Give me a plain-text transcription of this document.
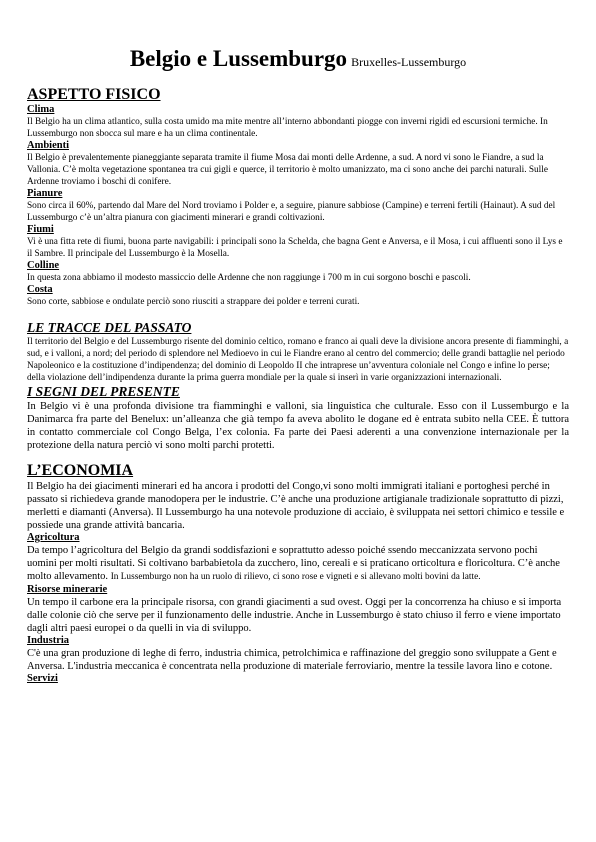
Belgio e Lussemburgo Bruxelles-Lussemburgo
ASPETTO FISICO
Clima

Il Belgio ha un clima atlantico, sulla costa umido ma mite mentre all’interno abbondanti piogge con inverni rigidi ed escursioni termiche. In Lussemburgo non sbocca sul mare e ha un clima continentale.

Ambienti

Il Belgio è prevalentemente pianeggiante separata tramite il fiume Mosa dai monti delle Ardenne, a sud. A nord vi sono le Fiandre, a sud la Vallonia. C’è molta vegetazione spontanea tra cui gigli e querce, il territorio è molto umanizzato, ma ci sono anche dei parchi naturali. Sulle Ardenne troviamo i boschi di conifere.

Pianure

Sono circa il 60%, partendo dal Mare del Nord troviamo i Polder e, a seguire, pianure sabbiose (Campine) e terreni fertili (Hainaut). A sud del Lussemburgo c’è un’altra pianura con giacimenti minerari e grandi coltivazioni.

Fiumi

Vi è una fitta rete di fiumi, buona parte navigabili: i principali sono la Schelda, che bagna Gent e Anversa, e il Mosa, i cui affluenti sono il Lys e il Sambre. Il principale del Lussemburgo è la Mosella.

Colline

In questa zona abbiamo il modesto massiccio delle Ardenne che non raggiunge i 700 m in cui sorgono boschi e pascoli.

Costa

Sono corte, sabbiose e ondulate perciò sono riusciti a strappare dei polder e terreni curati.

LE TRACCE DEL PASSATO

Il territorio del Belgio e del Lussemburgo risente del dominio celtico, romano e franco ai quali deve la divisione ancora presente di fiamminghi, a sud, e i valloni, a nord; del periodo di splendore nel Medioevo in cui le Fiandre erano al centro del commercio; delle grandi battaglie nel periodo Napoleonico e la costituzione d’indipendenza; del dominio di Leopoldo II che intraprese un’avventura coloniale nel Congo e infine lo perse; della violazione dell’indipendenza durante la prima guerra mondiale per la quale si inserì in varie organizzazioni internazionali.

I SEGNI DEL PRESENTE

In Belgio vi è una profonda divisione tra fiamminghi e valloni, sia linguistica che culturale. Esso con il Lussemburgo e la Danimarca fra parte del Benelux: un’alleanza che già tempo fa aveva abolito le dogane ed è entrata subito nella CEE. È tuttora in contatto commerciale col Congo Belga, l’ex colonia. Fa parte dei Paesi aderenti a una convenzione internazionale per la protezione della natura perciò vi sono molti parchi protetti.

L’ECONOMIA

Il Belgio ha dei giacimenti minerari ed ha ancora i prodotti del Congo,vi sono molti immigrati italiani e portoghesi perché in passato si richiedeva grande manodopera per le industrie. C’è anche una produzione artigianale tradizionale soprattutto di pizzi, merletti e diamanti (Anversa). Il Lussemburgo ha una notevole produzione di acciaio, è sviluppata nei settori chimico e tessile e possiede una grande attività bancaria.

Agricoltura

Da tempo l’agricoltura del Belgio da grandi soddisfazioni e soprattutto adesso poiché ssendo meccanizzata servono pochi uomini per molti risultati. Si coltivano barbabietola da zucchero, lino, cereali e si praticano orticoltura e floricoltura. C’è anche molto allevamento. In Lussemburgo non ha un ruolo di rilievo, ci sono rose e vigneti e si allevano molti bovini da latte.

Risorse minerarie

Un tempo il carbone era la principale risorsa, con grandi giacimenti a sud ovest. Oggi per la concorrenza ha chiuso e si importa dalle colonie ciò che serve per il funzionamento delle industrie. Anche in Lussemburgo è stato chiuso il ferro e viene importato dagli altri paesi europei o da quelli in via di sviluppo.

Industria

C'è una gran produzione di leghe di ferro, industria chimica, petrolchimica e raffinazione del greggio sono sviluppate a Gent e Anversa. L'industria meccanica è concentrata nella produzione di materiale ferroviario, mentre la tessile lavora lino e cotone.

Servizi
